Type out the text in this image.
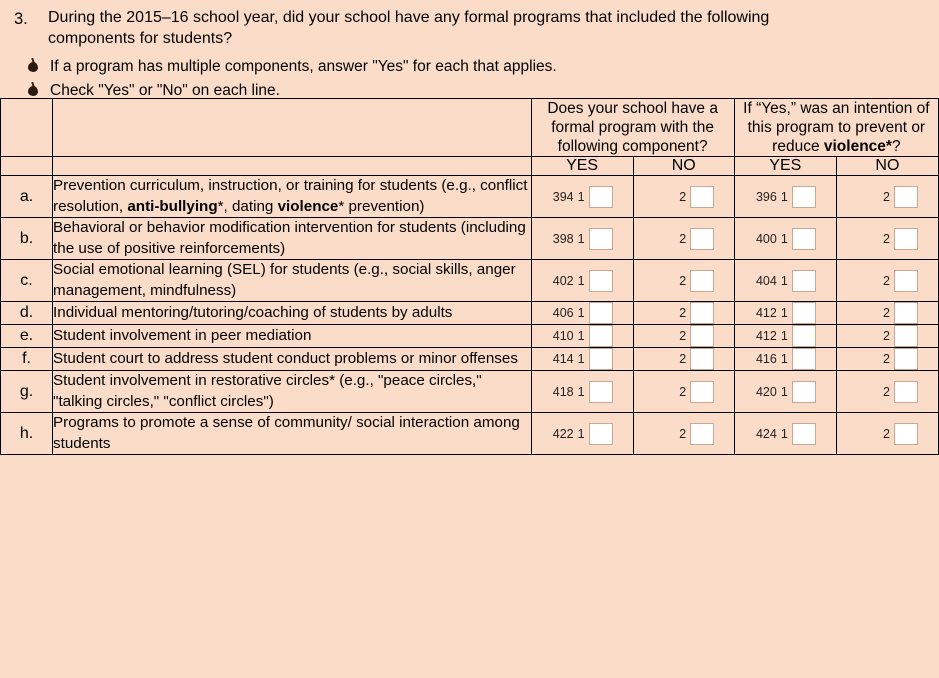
3.	During the 2015–16 school year, did your school have any formal programs that included the following components for students?
If a program has multiple components, answer "Yes" for each that applies.
Check "Yes" or "No" on each line.
		Does your school have a formal program with the following component?		If “Yes,” was an intention of this program to prevent or reduce violence*?	
		YES	NO	YES	NO
a.	Prevention curriculum, instruction, or training for students (e.g., conflict resolution, anti-bullying*, dating violence* prevention)	394 1	2	396 1	2

b.	Behavioral or behavior modification intervention for students (including the use of positive reinforcements)	398 1	2	400 1	2

c.	Social emotional learning (SEL) for students (e.g., social skills, anger management, mindfulness)	402 1	2	404 1	2

d.	Individual mentoring/tutoring/coaching of students by adults	406 1	2	412 1	2

e.	Student involvement in peer mediation	410 1	2	412 1	2

f.	Student court to address student conduct problems or minor offenses	414 1	2	416 1	2

g.	Student involvement in restorative circles* (e.g., "peace circles," "talking circles," "conflict circles")	418 1	2	420 1	2

h.	Programs to promote a sense of community/ social interaction among students	422 1	2	424 1	2
